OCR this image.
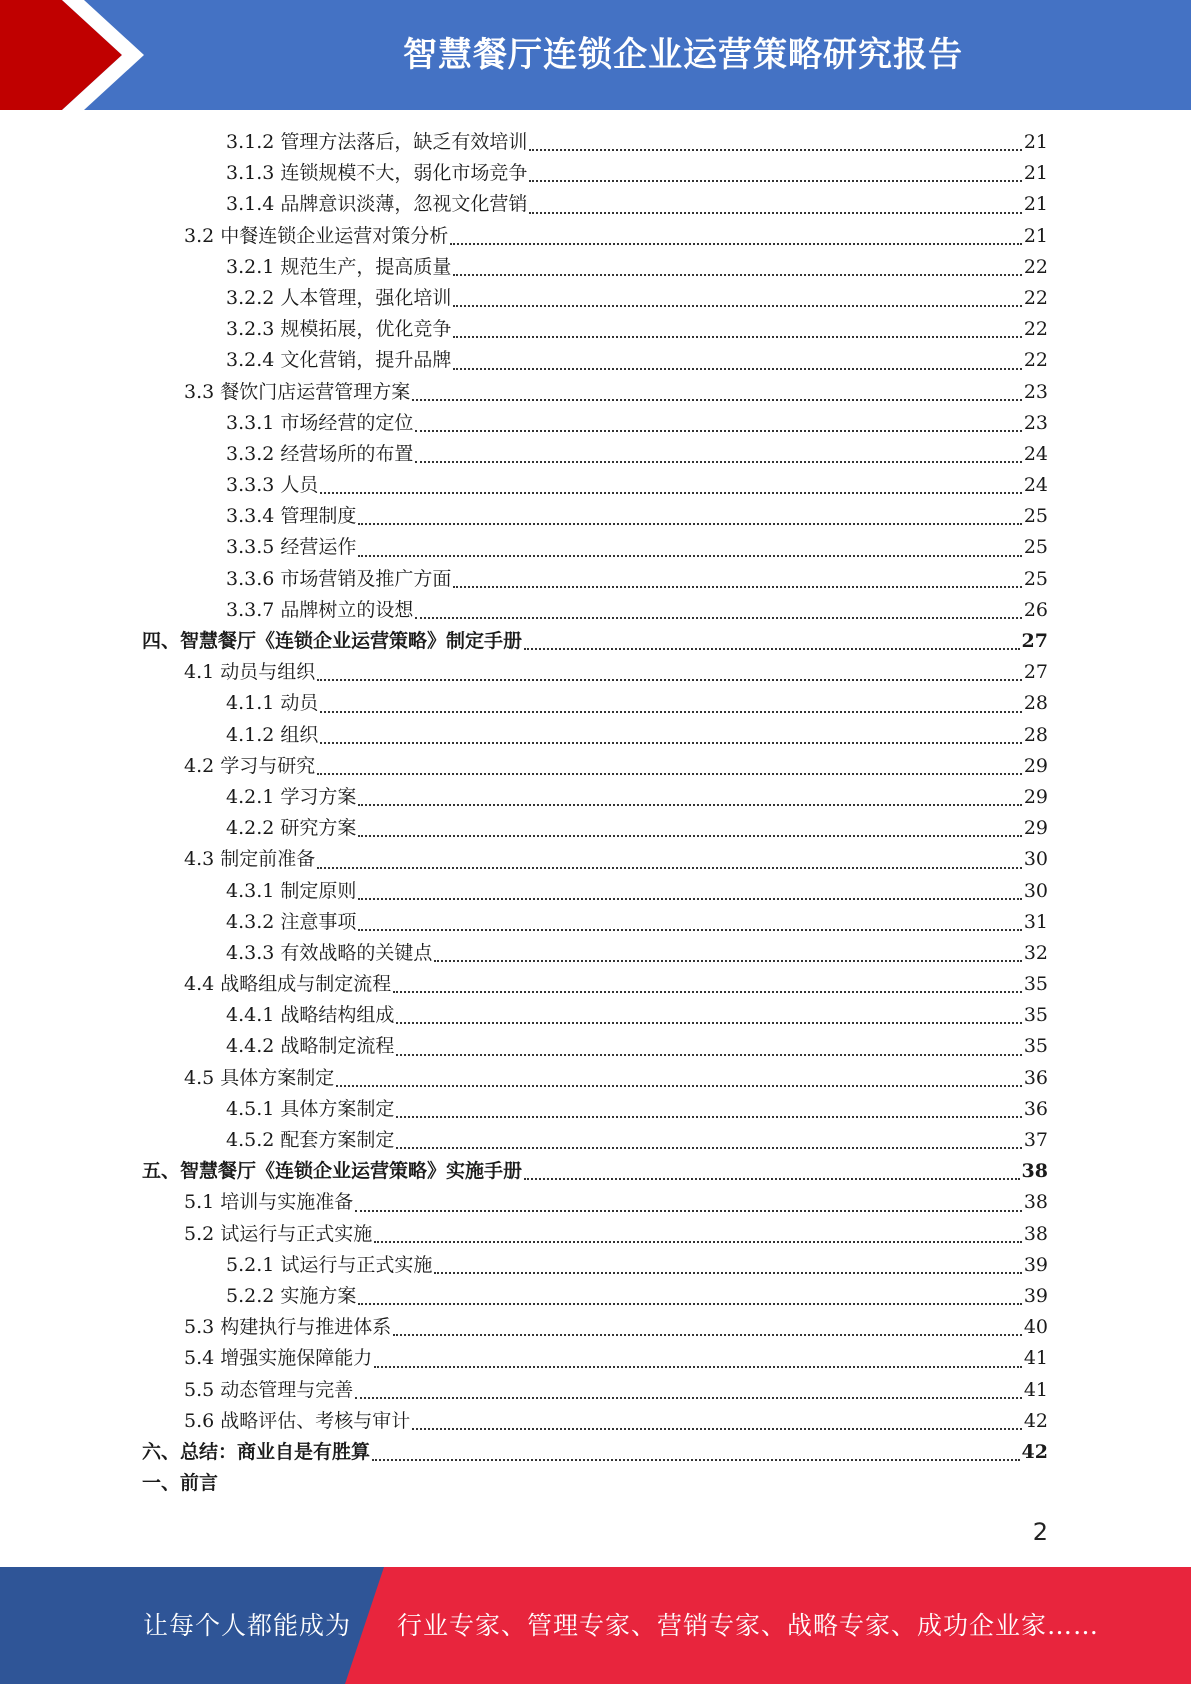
智慧餐厅连锁企业运营策略研究报告
3.1.2 管理方法落后，缺乏有效培训	21
3.1.3 连锁规模不大，弱化市场竞争	21
3.1.4 品牌意识淡薄，忽视文化营销	21
3.2 中餐连锁企业运营对策分析	21
3.2.1 规范生产，提高质量	22
3.2.2 人本管理，强化培训	22
3.2.3 规模拓展，优化竞争	22
3.2.4 文化营销，提升品牌	22
3.3 餐饮门店运营管理方案	23
3.3.1 市场经营的定位	23
3.3.2 经营场所的布置	24
3.3.3 人员	24
3.3.4 管理制度	25
3.3.5 经营运作	25
3.3.6 市场营销及推广方面	25
3.3.7 品牌树立的设想	26
四、智慧餐厅《连锁企业运营策略》制定手册	27
4.1 动员与组织	27
4.1.1 动员	28
4.1.2 组织	28
4.2 学习与研究	29
4.2.1 学习方案	29
4.2.2 研究方案	29
4.3 制定前准备	30
4.3.1 制定原则	30
4.3.2 注意事项	31
4.3.3 有效战略的关键点	32
4.4 战略组成与制定流程	35
4.4.1 战略结构组成	35
4.4.2 战略制定流程	35
4.5 具体方案制定	36
4.5.1 具体方案制定	36
4.5.2 配套方案制定	37
五、智慧餐厅《连锁企业运营策略》实施手册	38
5.1 培训与实施准备	38
5.2 试运行与正式实施	38
5.2.1 试运行与正式实施	39
5.2.2 实施方案	39
5.3 构建执行与推进体系	40
5.4 增强实施保障能力	41
5.5 动态管理与完善	41
5.6 战略评估、考核与审计	42
六、总结：商业自是有胜算	42
一、前言
2
让每个人都能成为 行业专家、管理专家、营销专家、战略专家、成功企业家……
